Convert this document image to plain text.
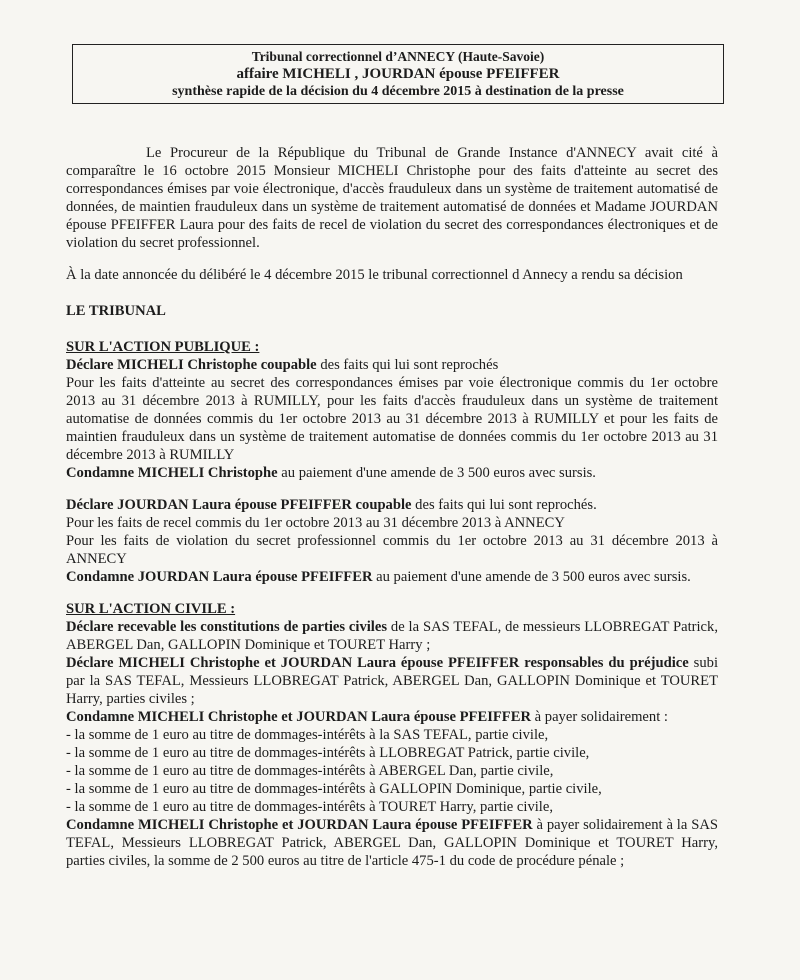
Tribunal correctionnel d’ANNECY (Haute-Savoie)
affaire MICHELI , JOURDAN épouse PFEIFFER
synthèse rapide de la décision du 4 décembre 2015 à destination de la presse

Le Procureur de la République du Tribunal de Grande Instance d'ANNECY avait cité à comparaître le 16 octobre 2015 Monsieur MICHELI Christophe pour des faits d'atteinte au secret des correspondances émises par voie électronique, d'accès frauduleux dans un système de traitement automatisé de données, de maintien frauduleux dans un système de traitement automatisé de données et Madame JOURDAN épouse PFEIFFER Laura pour des faits de recel de violation du secret des correspondances électroniques et de violation du secret professionnel.

À la date annoncée du délibéré le 4 décembre 2015 le tribunal correctionnel d Annecy a rendu sa décision

LE TRIBUNAL

SUR L'ACTION PUBLIQUE :

Déclare MICHELI Christophe coupable des faits qui lui sont reprochés

Pour les faits d'atteinte au secret des correspondances émises par voie électronique commis du 1er octobre 2013 au 31 décembre 2013 à RUMILLY, pour les faits d'accès frauduleux dans un système de traitement automatise de données commis du 1er octobre 2013 au 31 décembre 2013 à RUMILLY et pour les faits de maintien frauduleux dans un système de traitement automatise de données commis du 1er octobre 2013 au 31 décembre 2013 à RUMILLY

Condamne MICHELI Christophe au paiement d'une amende de 3 500 euros avec sursis.

Déclare JOURDAN Laura épouse PFEIFFER coupable des faits qui lui sont reprochés.

Pour les faits de recel commis du 1er octobre 2013 au 31 décembre 2013 à ANNECY

Pour les faits de violation du secret professionnel commis du 1er octobre 2013 au 31 décembre 2013 à ANNECY

Condamne JOURDAN Laura épouse PFEIFFER au paiement d'une amende de 3 500 euros avec sursis.

SUR L'ACTION CIVILE :

Déclare recevable les constitutions de parties civiles de la SAS TEFAL, de messieurs LLOBREGAT Patrick, ABERGEL Dan, GALLOPIN Dominique et TOURET Harry ;

Déclare MICHELI Christophe et JOURDAN Laura épouse PFEIFFER responsables du préjudice subi par la SAS TEFAL, Messieurs LLOBREGAT Patrick, ABERGEL Dan, GALLOPIN Dominique et TOURET Harry, parties civiles ;

Condamne MICHELI Christophe et JOURDAN Laura épouse PFEIFFER à payer solidairement :

- la somme de 1 euro au titre de dommages-intérêts à la SAS TEFAL, partie civile,

- la somme de 1 euro au titre de dommages-intérêts à LLOBREGAT Patrick, partie civile,

- la somme de 1 euro au titre de dommages-intérêts à ABERGEL Dan, partie civile,

- la somme de 1 euro au titre de dommages-intérêts à GALLOPIN Dominique, partie civile,

- la somme de 1 euro au titre de dommages-intérêts à TOURET Harry, partie civile,

Condamne MICHELI Christophe et JOURDAN Laura épouse PFEIFFER à payer solidairement à la SAS TEFAL, Messieurs LLOBREGAT Patrick, ABERGEL Dan, GALLOPIN Dominique et TOURET Harry, parties civiles, la somme de 2 500 euros au titre de l'article 475-1 du code de procédure pénale ;
